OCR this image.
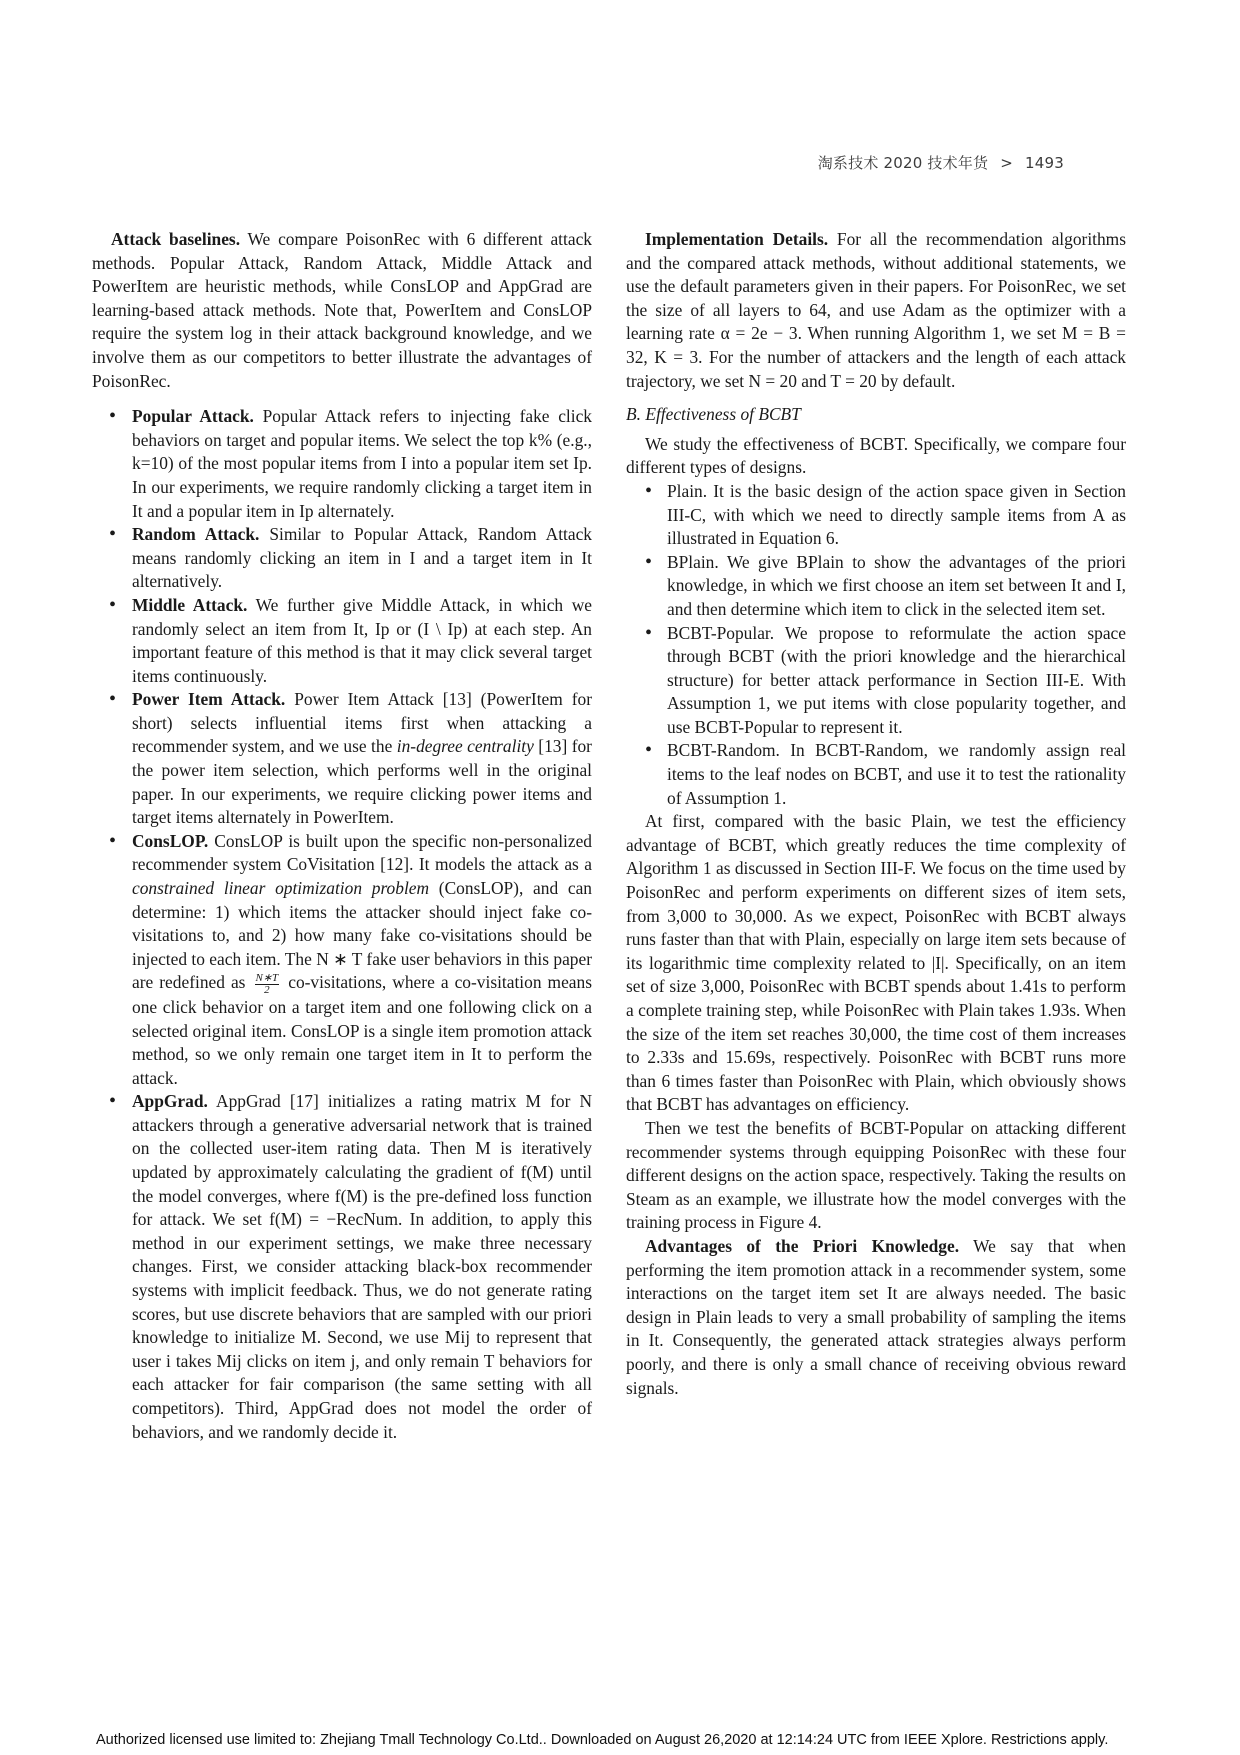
淘系技术 2020 技术年货 > 1493

Attack baselines. We compare PoisonRec with 6 different attack methods. Popular Attack, Random Attack, Middle Attack and PowerItem are heuristic methods, while ConsLOP and AppGrad are learning-based attack methods. Note that, PowerItem and ConsLOP require the system log in their attack background knowledge, and we involve them as our competitors to better illustrate the advantages of PoisonRec.

• Popular Attack. Popular Attack refers to injecting fake click behaviors on target and popular items. We select the top k% (e.g., k=10) of the most popular items from I into a popular item set Ip. In our experiments, we require randomly clicking a target item in It and a popular item in Ip alternately.
• Random Attack. Similar to Popular Attack, Random Attack means randomly clicking an item in I and a target item in It alternatively.
• Middle Attack. We further give Middle Attack, in which we randomly select an item from It, Ip or (I \ Ip) at each step. An important feature of this method is that it may click several target items continuously.
• Power Item Attack. Power Item Attack [13] (PowerItem for short) selects influential items first when attacking a recommender system, and we use the in-degree centrality [13] for the power item selection, which performs well in the original paper. In our experiments, we require clicking power items and target items alternately in PowerItem.
• ConsLOP. ConsLOP is built upon the specific non-personalized recommender system CoVisitation [12]. It models the attack as a constrained linear optimization problem (ConsLOP), and can determine: 1) which items the attacker should inject fake co-visitations to, and 2) how many fake co-visitations should be injected to each item. The N ∗ T fake user behaviors in this paper are redefined as $\frac{N∗T}{2}$ co-visitations, where a co-visitation means one click behavior on a target item and one following click on a selected original item. ConsLOP is a single item promotion attack method, so we only remain one target item in It to perform the attack.
• AppGrad. AppGrad [17] initializes a rating matrix M for N attackers through a generative adversarial network that is trained on the collected user-item rating data. Then M is iteratively updated by approximately calculating the gradient of f(M) until the model converges, where f(M) is the pre-defined loss function for attack. We set f(M) = −RecNum. In addition, to apply this method in our experiment settings, we make three necessary changes. First, we consider attacking black-box recommender systems with implicit feedback. Thus, we do not generate rating scores, but use discrete behaviors that are sampled with our priori knowledge to initialize M. Second, we use Mij to represent that user i takes Mij clicks on item j, and only remain T behaviors for each attacker for fair comparison (the same setting with all competitors). Third, AppGrad does not model the order of behaviors, and we randomly decide it.

Implementation Details. For all the recommendation algorithms and the compared attack methods, without additional statements, we use the default parameters given in their papers. For PoisonRec, we set the size of all layers to 64, and use Adam as the optimizer with a learning rate α = 2e − 3. When running Algorithm 1, we set M = B = 32, K = 3. For the number of attackers and the length of each attack trajectory, we set N = 20 and T = 20 by default.

B. Effectiveness of BCBT

We study the effectiveness of BCBT. Specifically, we compare four different types of designs.

• Plain. It is the basic design of the action space given in Section III-C, with which we need to directly sample items from A as illustrated in Equation 6.
• BPlain. We give BPlain to show the advantages of the priori knowledge, in which we first choose an item set between It and I, and then determine which item to click in the selected item set.
• BCBT-Popular. We propose to reformulate the action space through BCBT (with the priori knowledge and the hierarchical structure) for better attack performance in Section III-E. With Assumption 1, we put items with close popularity together, and use BCBT-Popular to represent it.
• BCBT-Random. In BCBT-Random, we randomly assign real items to the leaf nodes on BCBT, and use it to test the rationality of Assumption 1.

At first, compared with the basic Plain, we test the efficiency advantage of BCBT, which greatly reduces the time complexity of Algorithm 1 as discussed in Section III-F. We focus on the time used by PoisonRec and perform experiments on different sizes of item sets, from 3,000 to 30,000. As we expect, PoisonRec with BCBT always runs faster than that with Plain, especially on large item sets because of its logarithmic time complexity related to |I|. Specifically, on an item set of size 3,000, PoisonRec with BCBT spends about 1.41s to perform a complete training step, while PoisonRec with Plain takes 1.93s. When the size of the item set reaches 30,000, the time cost of them increases to 2.33s and 15.69s, respectively. PoisonRec with BCBT runs more than 6 times faster than PoisonRec with Plain, which obviously shows that BCBT has advantages on efficiency.

Then we test the benefits of BCBT-Popular on attacking different recommender systems through equipping PoisonRec with these four different designs on the action space, respectively. Taking the results on Steam as an example, we illustrate how the model converges with the training process in Figure 4.

Advantages of the Priori Knowledge. We say that when performing the item promotion attack in a recommender system, some interactions on the target item set It are always needed. The basic design in Plain leads to very a small probability of sampling the items in It. Consequently, the generated attack strategies always perform poorly, and there is only a small chance of receiving obvious reward signals.

Authorized licensed use limited to: Zhejiang Tmall Technology Co.Ltd.. Downloaded on August 26,2020 at 12:14:24 UTC from IEEE Xplore. Restrictions apply.
